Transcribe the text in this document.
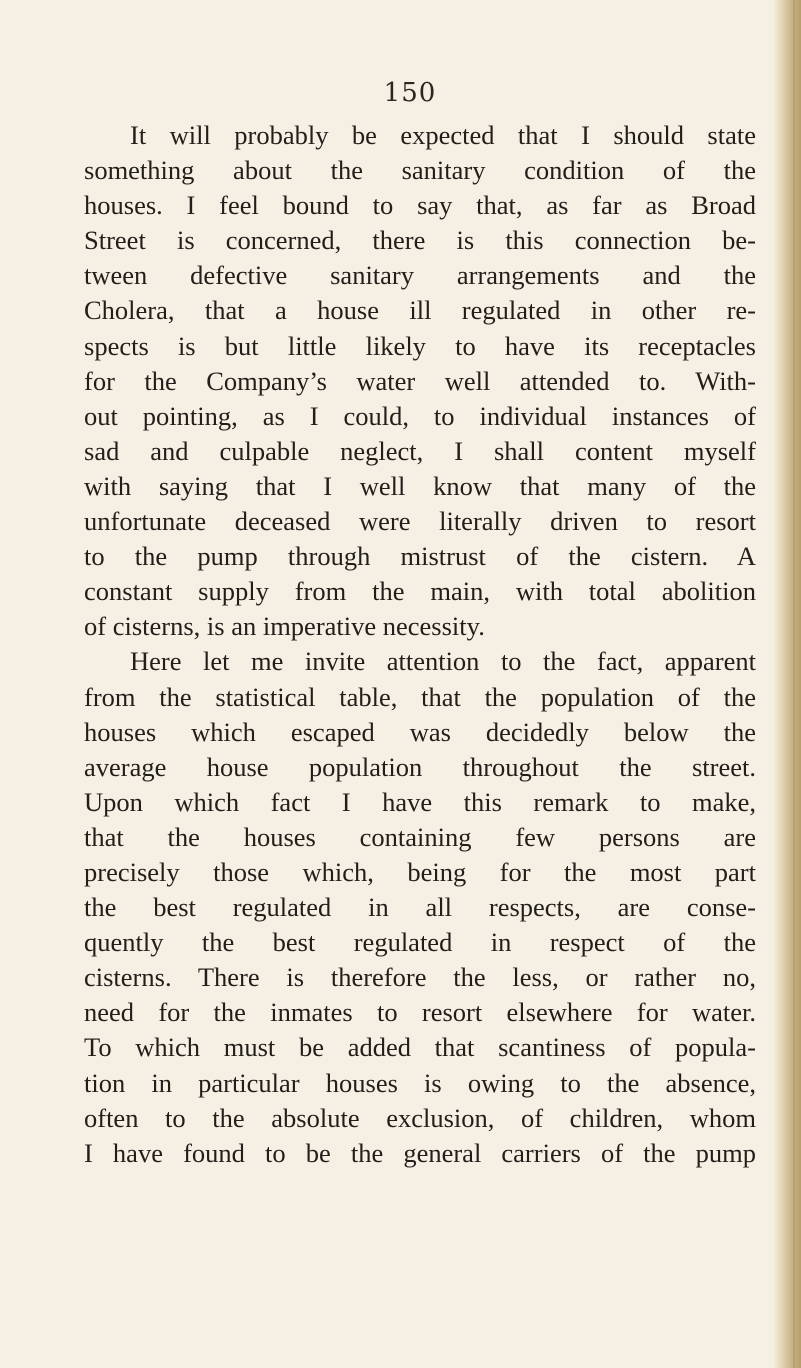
150
It will probably be expected that I should state
something about the sanitary condition of the
houses. I feel bound to say that, as far as Broad
Street is concerned, there is this connection be-
tween defective sanitary arrangements and the
Cholera, that a house ill regulated in other re-
spects is but little likely to have its receptacles
for the Company’s water well attended to. With-
out pointing, as I could, to individual instances of
sad and culpable neglect, I shall content myself
with saying that I well know that many of the
unfortunate deceased were literally driven to resort
to the pump through mistrust of the cistern. A
constant supply from the main, with total abolition
of cisterns, is an imperative necessity.
Here let me invite attention to the fact, apparent
from the statistical table, that the population of the
houses which escaped was decidedly below the
average house population throughout the street.
Upon which fact I have this remark to make,
that the houses containing few persons are
precisely those which, being for the most part
the best regulated in all respects, are conse-
quently the best regulated in respect of the
cisterns. There is therefore the less, or rather no,
need for the inmates to resort elsewhere for water.
To which must be added that scantiness of popula-
tion in particular houses is owing to the absence,
often to the absolute exclusion, of children, whom
I have found to be the general carriers of the pump
